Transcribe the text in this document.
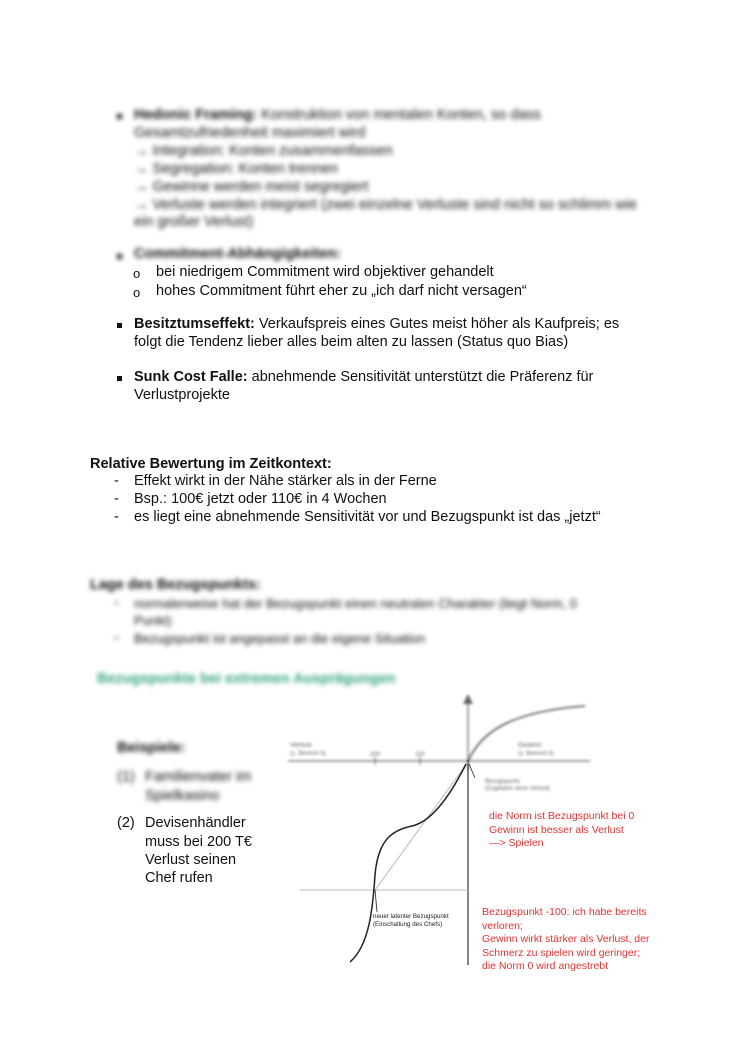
Hedonic Framing: Konstruktion von mentalen Konten, so dass
Gesamtzufriedenheit maximiert wird
→ Integration: Konten zusammenfassen
→ Segregation: Konten trennen
→ Gewinne werden meist segregiert
→ Verluste werden integriert (zwei einzelne Verluste sind nicht so schlimm wie
ein großer Verlust)
Commitment-Abhängigkeiten:
o bei niedrigem Commitment wird objektiver gehandelt
o hohes Commitment führt eher zu „ich darf nicht versagen“
Besitztumseffekt: Verkaufspreis eines Gutes meist höher als Kaufpreis; es
folgt die Tendenz lieber alles beim alten zu lassen (Status quo Bias)
Sunk Cost Falle: abnehmende Sensitivität unterstützt die Präferenz für
Verlustprojekte
Relative Bewertung im Zeitkontext:
- Effekt wirkt in der Nähe stärker als in der Ferne
- Bsp.: 100€ jetzt oder 110€ in 4 Wochen
- es liegt eine abnehmende Sensitivität vor und Bezugspunkt ist das „jetzt“
Lage des Bezugspunkts:
- normalerweise hat der Bezugspunkt einen neutralen Charakter (liegt Norm, 0
Punkt)
- Bezugspunkt ist angepasst an die eigene Situation
Bezugspunkte bei extremen Ausprägungen
Beispiele:
(1) Familienvater im
Spielkasino
(2) Devisenhändler
muss bei 200 T€
Verlust seinen
Chef rufen
Verlust
(z. Bereich II)
Gewinn
(z. Bereich II)
200	100
Bezugspunkt
(Zugewinn ohne Verlust)
neuer latenter Bezugspunkt
(Einschaltung des Chefs)
die Norm ist Bezugspunkt bei 0
Gewinn ist besser als Verlust
—> Spielen
Bezugspunkt -100: ich habe bereits
verloren;
Gewinn wirkt stärker als Verlust, der
Schmerz zu spielen wird geringer;
die Norm 0 wird angestrebt
